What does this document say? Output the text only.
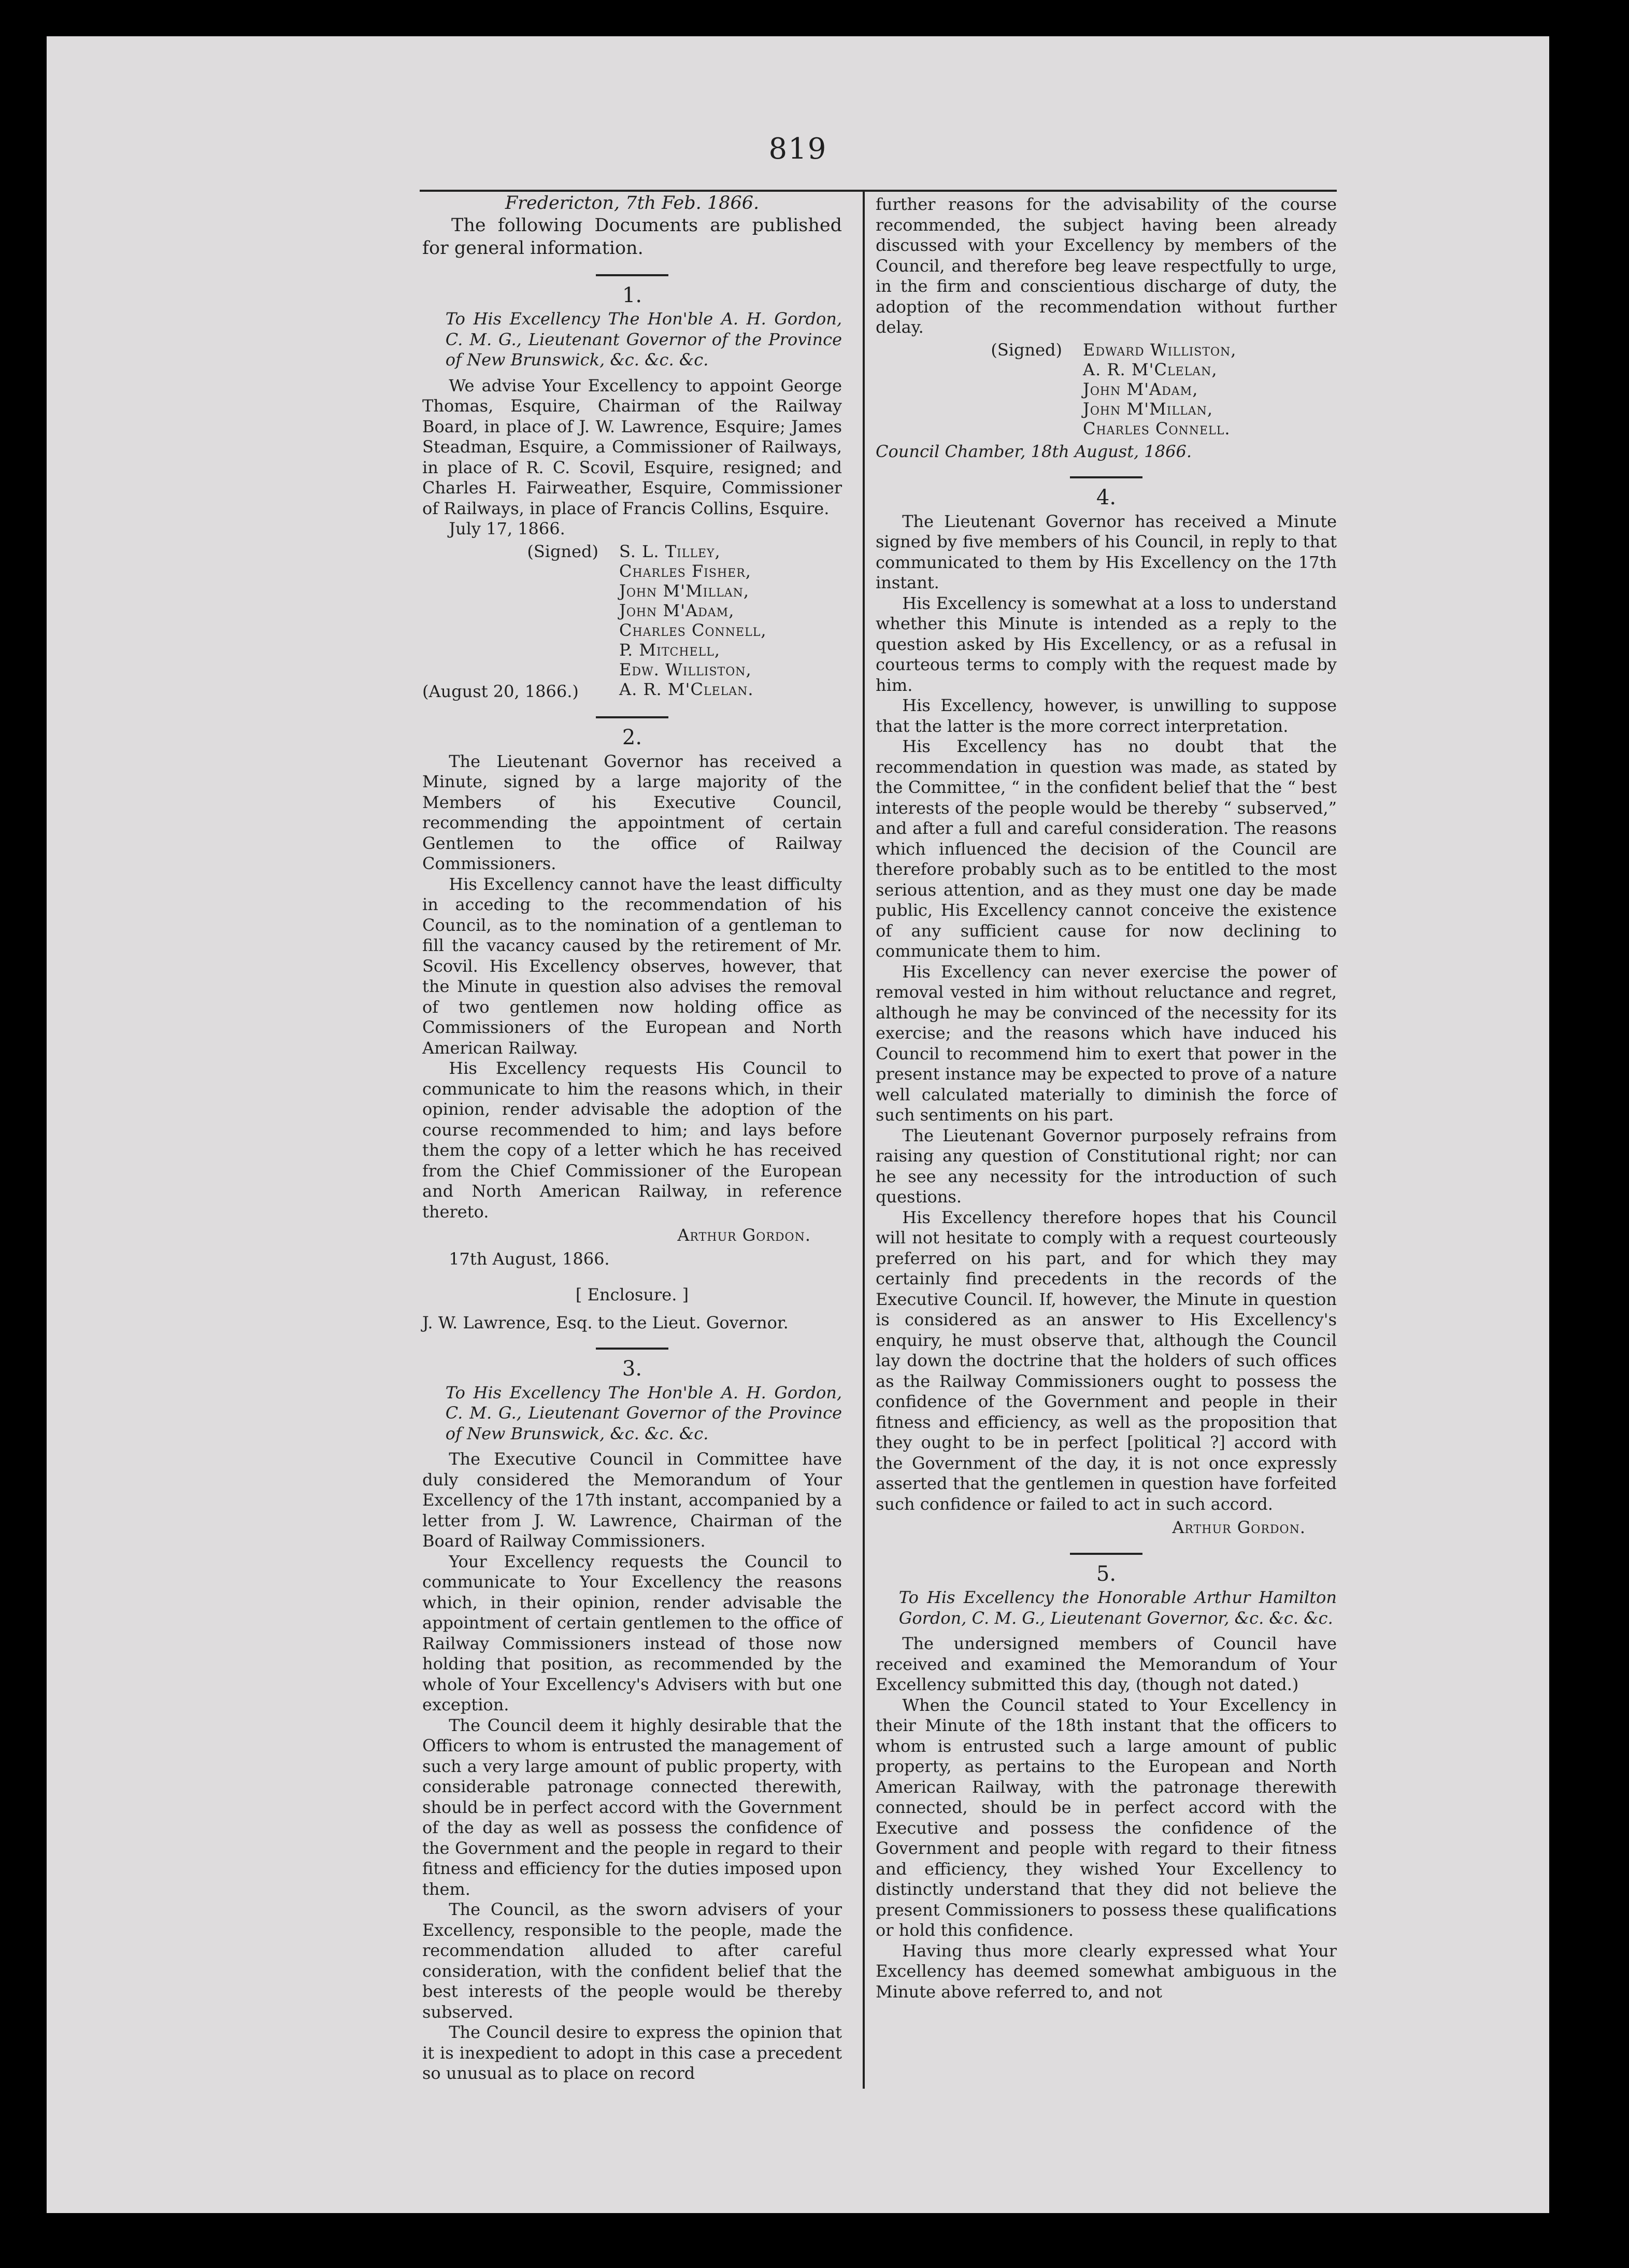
819

Fredericton, 7th Feb. 1866.

The following Documents are published for general information.

1.

To His Excellency The Hon'ble A. H. Gordon, C. M. G., Lieutenant Governor of the Province of New Brunswick, &c. &c. &c.

We advise Your Excellency to appoint George Thomas, Esquire, Chairman of the Railway Board, in place of J. W. Lawrence, Esquire; James Steadman, Esquire, a Commissioner of Railways, in place of R. C. Scovil, Esquire, resigned; and Charles H. Fairweather, Esquire, Commissioner of Railways, in place of Francis Collins, Esquire.

July 17, 1866.

(Signed)	S. L. Tilley,
Charles Fisher,
John M'Millan,
John M'Adam,
Charles Connell,
P. Mitchell,
Edw. Williston,
A. R. M'Clelan.

(August 20, 1866.)

2.

The Lieutenant Governor has received a Minute, signed by a large majority of the Members of his Executive Council, recommending the appointment of certain Gentlemen to the office of Railway Commissioners.

His Excellency cannot have the least difficulty in acceding to the recommendation of his Council, as to the nomination of a gentleman to fill the vacancy caused by the retirement of Mr. Scovil. His Excellency observes, however, that the Minute in question also advises the removal of two gentlemen now holding office as Commissioners of the European and North American Railway.

His Excellency requests His Council to communicate to him the reasons which, in their opinion, render advisable the adoption of the course recommended to him; and lays before them the copy of a letter which he has received from the Chief Commissioner of the European and North American Railway, in reference thereto.

Arthur Gordon.

17th August, 1866.

[ Enclosure. ]

J. W. Lawrence, Esq. to the Lieut. Governor.

3.

To His Excellency The Hon'ble A. H. Gordon, C. M. G., Lieutenant Governor of the Province of New Brunswick, &c. &c. &c.

The Executive Council in Committee have duly considered the Memorandum of Your Excellency of the 17th instant, accompanied by a letter from J. W. Lawrence, Chairman of the Board of Railway Commissioners.

Your Excellency requests the Council to communicate to Your Excellency the reasons which, in their opinion, render advisable the appointment of certain gentlemen to the office of Railway Commissioners instead of those now holding that position, as recommended by the whole of Your Excellency's Advisers with but one exception.

The Council deem it highly desirable that the Officers to whom is entrusted the management of such a very large amount of public property, with considerable patronage connected therewith, should be in perfect accord with the Government of the day as well as possess the confidence of the Government and the people in regard to their fitness and efficiency for the duties imposed upon them.

The Council, as the sworn advisers of your Excellency, responsible to the people, made the recommendation alluded to after careful consideration, with the confident belief that the best interests of the people would be thereby subserved.

The Council desire to express the opinion that it is inexpedient to adopt in this case a precedent so unusual as to place on record

further reasons for the advisability of the course recommended, the subject having been already discussed with your Excellency by members of the Council, and therefore beg leave respectfully to urge, in the firm and conscientious discharge of duty, the adoption of the recommendation without further delay.

(Signed)	Edward Williston,
A. R. M'Clelan,
John M'Adam,
John M'Millan,
Charles Connell.

Council Chamber, 18th August, 1866.

4.

The Lieutenant Governor has received a Minute signed by five members of his Council, in reply to that communicated to them by His Excellency on the 17th instant.

His Excellency is somewhat at a loss to understand whether this Minute is intended as a reply to the question asked by His Excellency, or as a refusal in courteous terms to comply with the request made by him.

His Excellency, however, is unwilling to suppose that the latter is the more correct interpretation.

His Excellency has no doubt that the recommendation in question was made, as stated by the Committee, “ in the confident belief that the “ best interests of the people would be thereby “ subserved,” and after a full and careful consideration. The reasons which influenced the decision of the Council are therefore probably such as to be entitled to the most serious attention, and as they must one day be made public, His Excellency cannot conceive the existence of any sufficient cause for now declining to communicate them to him.

His Excellency can never exercise the power of removal vested in him without reluctance and regret, although he may be convinced of the necessity for its exercise; and the reasons which have induced his Council to recommend him to exert that power in the present instance may be expected to prove of a nature well calculated materially to diminish the force of such sentiments on his part.

The Lieutenant Governor purposely refrains from raising any question of Constitutional right; nor can he see any necessity for the introduction of such questions.

His Excellency therefore hopes that his Council will not hesitate to comply with a request courteously preferred on his part, and for which they may certainly find precedents in the records of the Executive Council. If, however, the Minute in question is considered as an answer to His Excellency's enquiry, he must observe that, although the Council lay down the doctrine that the holders of such offices as the Railway Commissioners ought to possess the confidence of the Government and people in their fitness and efficiency, as well as the proposition that they ought to be in perfect [political ?] accord with the Government of the day, it is not once expressly asserted that the gentlemen in question have forfeited such confidence or failed to act in such accord.

Arthur Gordon.
5.

To His Excellency the Honorable Arthur Hamilton Gordon, C. M. G., Lieutenant Governor, &c. &c. &c.

The undersigned members of Council have received and examined the Memorandum of Your Excellency submitted this day, (though not dated.)

When the Council stated to Your Excellency in their Minute of the 18th instant that the officers to whom is entrusted such a large amount of public property, as pertains to the European and North American Railway, with the patronage therewith connected, should be in perfect accord with the Executive and possess the confidence of the Government and people with regard to their fitness and efficiency, they wished Your Excellency to distinctly understand that they did not believe the present Commissioners to possess these qualifications or hold this confidence.

Having thus more clearly expressed what Your Excellency has deemed somewhat ambiguous in the Minute above referred to, and not
